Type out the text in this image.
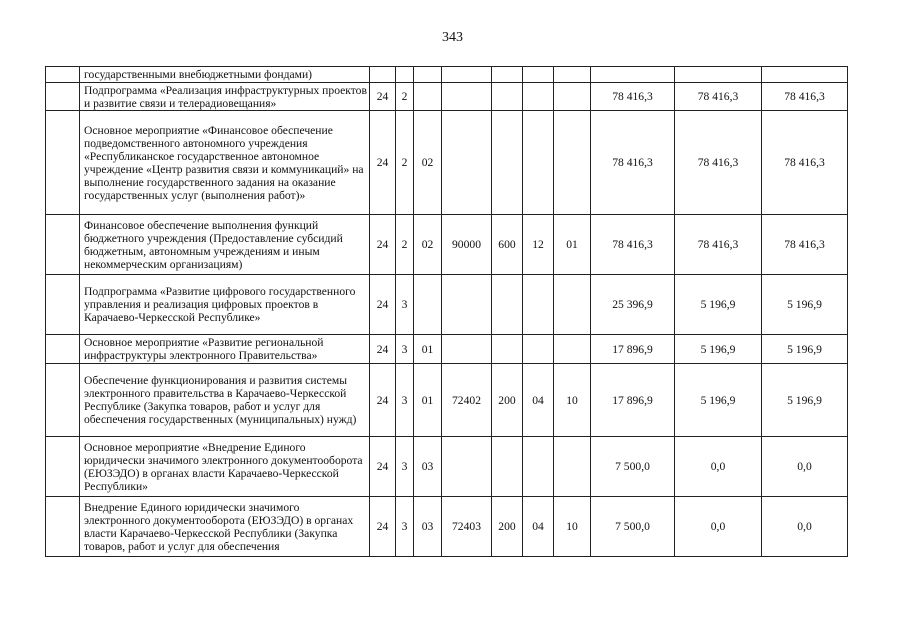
343
	государственными внебюджетными фондами)										
	Подпрограмма «Реализация инфраструктурных проектов и развитие связи и телерадиовещания»	24	2						78 416,3	78 416,3	78 416,3
	Основное мероприятие «Финансовое обеспечение подведомственного автономного учреждения «Республиканское государственное автономное учреждение «Центр развития связи и коммуникаций» на выполнение государственного задания на оказание государственных услуг (выполнения работ)»	24	2	02					78 416,3	78 416,3	78 416,3
	Финансовое обеспечение выполнения функций бюджетного учреждения (Предоставление субсидий бюджетным, автономным учреждениям и иным некоммерческим организациям)	24	2	02	90000	600	12	01	78 416,3	78 416,3	78 416,3
	Подпрограмма «Развитие цифрового государственного управления и реализация цифровых проектов в Карачаево-Черкесской Республике»	24	3						25 396,9	5 196,9	5 196,9
	Основное мероприятие «Развитие региональной инфраструктуры электронного Правительства»	24	3	01					17 896,9	5 196,9	5 196,9
	Обеспечение функционирования и развития системы электронного правительства в Карачаево-Черкесской Республике (Закупка товаров, работ и услуг для обеспечения государственных (муниципальных) нужд)	24	3	01	72402	200	04	10	17 896,9	5 196,9	5 196,9
	Основное мероприятие «Внедрение Единого юридически значимого электронного документооборота (ЕЮЗЭДО) в органах власти Карачаево-Черкесской Республики»	24	3	03					7 500,0	0,0	0,0
	Внедрение Единого юридически значимого электронного документооборота (ЕЮЗЭДО) в органах власти Карачаево-Черкесской Республики (Закупка товаров, работ и услуг для обеспечения	24	3	03	72403	200	04	10	7 500,0	0,0	0,0
